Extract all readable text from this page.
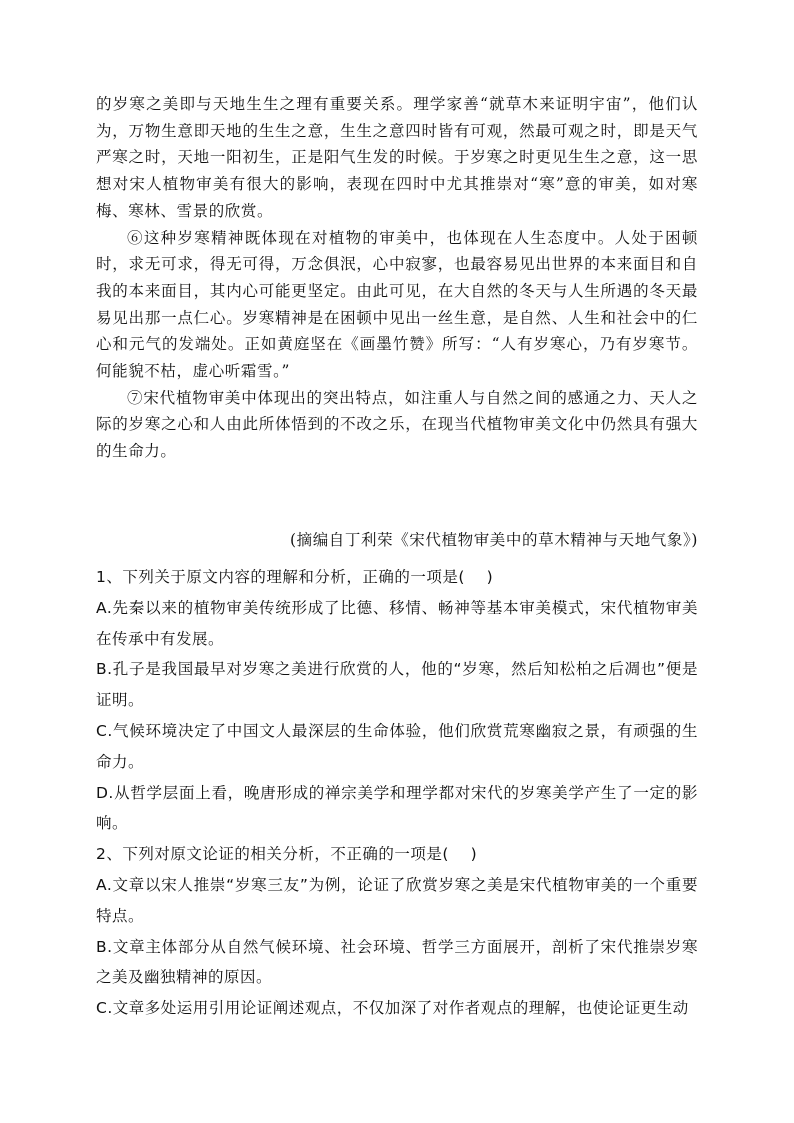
的岁寒之美即与天地生生之理有重要关系。理学家善“就草木来证明宇宙”，他们认为，万物生意即天地的生生之意，生生之意四时皆有可观，然最可观之时，即是天气严寒之时，天地一阳初生，正是阳气生发的时候。于岁寒之时更见生生之意，这一思想对宋人植物审美有很大的影响，表现在四时中尤其推崇对“寒”意的审美，如对寒梅、寒林、雪景的欣赏。

⑥这种岁寒精神既体现在对植物的审美中，也体现在人生态度中。人处于困顿时，求无可求，得无可得，万念俱泯，心中寂寥，也最容易见出世界的本来面目和自我的本来面目，其内心可能更坚定。由此可见，在大自然的冬天与人生所遇的冬天最易见出那一点仁心。岁寒精神是在困顿中见出一丝生意，是自然、人生和社会中的仁心和元气的发端处。正如黄庭坚在《画墨竹赞》所写：“人有岁寒心，乃有岁寒节。何能貌不枯，虚心听霜雪。”

⑦宋代植物审美中体现出的突出特点，如注重人与自然之间的感通之力、天人之际的岁寒之心和人由此所体悟到的不改之乐，在现当代植物审美文化中仍然具有强大的生命力。

(摘编自丁利荣《宋代植物审美中的草木精神与天地气象》)

1、下列关于原文内容的理解和分析，正确的一项是(    )

A.先秦以来的植物审美传统形成了比德、移情、畅神等基本审美模式，宋代植物审美在传承中有发展。

B.孔子是我国最早对岁寒之美进行欣赏的人，他的“岁寒，然后知松柏之后凋也”便是证明。

C.气候环境决定了中国文人最深层的生命体验，他们欣赏荒寒幽寂之景，有顽强的生命力。

D.从哲学层面上看，晚唐形成的禅宗美学和理学都对宋代的岁寒美学产生了一定的影响。

2、下列对原文论证的相关分析，不正确的一项是(    )

A.文章以宋人推崇“岁寒三友”为例，论证了欣赏岁寒之美是宋代植物审美的一个重要特点。

B.文章主体部分从自然气候环境、社会环境、哲学三方面展开，剖析了宋代推崇岁寒之美及幽独精神的原因。

C.文章多处运用引用论证阐述观点，不仅加深了对作者观点的理解，也使论证更生动
